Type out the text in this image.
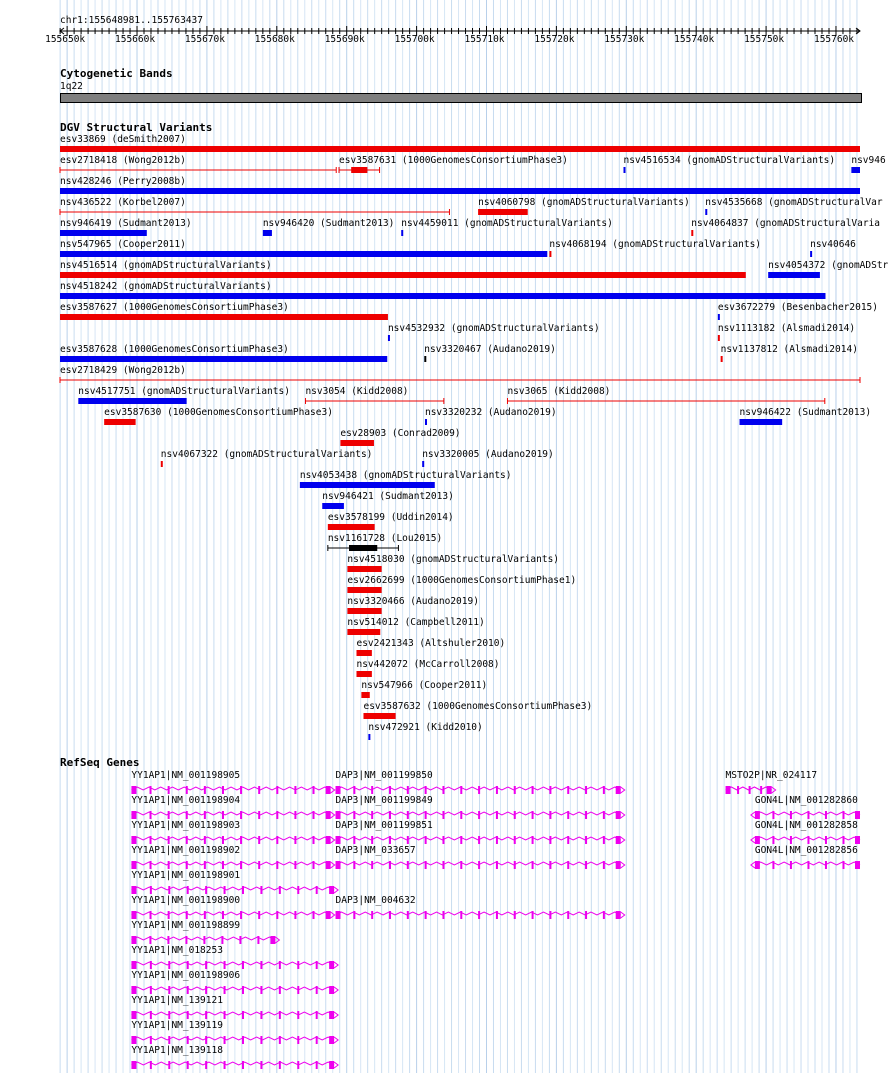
chr1:155648981..155763437
155650k	155660k	155670k	155680k	155690k	155700k	155710k	155720k	155730k	155740k	155750k	155760k
Cytogenetic Bands
1q22
DGV Structural Variants
esv33869 (deSmith2007)
esv2718418 (Wong2012b)	esv3587631 (1000GenomesConsortiumPhase3)	nsv4516534 (gnomADStructuralVariants) nsv946
nsv428246 (Perry2008b)
nsv436522 (Korbel2007)	nsv4060798 (gnomADStructuralVariants) nsv4535668 (gnomADStructuralVar
nsv946419 (Sudmant2013)	nsv946420 (Sudmant2013) nsv4459011 (gnomADStructuralVariants)	nsv4064837 (gnomADStructuralVaria
nsv547965 (Cooper2011)	nsv4068194 (gnomADStructuralVariants)	nsv40646
nsv4516514 (gnomADStructuralVariants)	nsv4054372 (gnomADStr
nsv4518242 (gnomADStructuralVariants)
esv3587627 (1000GenomesConsortiumPhase3)
nsv4532932 (gnomADStructuralVariants)
esv3672279 (Besenbacher2015)
esv3587628 (1000GenomesConsortiumPhase3)	nsv3320467 (Audano2019)
nsv1113182 (Alsmadi2014)
esv2718429 (Wong2012b)
nsv4517751 (gnomADStructuralVariants) nsv3054 (Kidd2008)	nsv3065 (Kidd2008)
esv3587630 (1000GenomesConsortiumPhase3)
esv28903 (Conrad2009)
nsv1137812 (Alsmadi2014)
nsv4067322 (gnomADStructuralVariants)
nsv3320232 (Audano2019)	nsv946422 (Sudmant2013)
nsv4053438 (gnomADStructuralVariants)
nsv946421 (Sudmant2013)
esv3578199 (Uddin2014)
nsv1161728 (Lou2015)
nsv4518030 (gnomADStructuralVariants)
esv2662699 (1000GenomesConsortiumPhase1)
nsv3320466 (Audano2019)
nsv514012 (Campbell2011)
esv2421343 (Altshuler2010)
nsv442072 (McCarroll2008)
nsv547966 (Cooper2011)
esv3587632 (1000GenomesConsortiumPhase3)
nsv472921 (Kidd2010)
nsv3320005 (Audano2019)
RefSeq Genes
YY1AP1|NM_001198905	DAP3|NM_001199850	MSTO2P|NR_024117
YY1AP1|NM_001198904	DAP3|NM_001199849	GON4L|NM_001282860
YY1AP1|NM_001198903	DAP3|NM_001199851	GON4L|NM_001282858
YY1AP1|NM_001198902	DAP3|NM_033657	GON4L|NM_001282856
YY1AP1|NM_001198901
YY1AP1|NM_001198900	DAP3|NM_004632
YY1AP1|NM_001198899
YY1AP1|NM_018253
YY1AP1|NM_001198906
YY1AP1|NM_139121
YY1AP1|NM_139119
YY1AP1|NM_139118
